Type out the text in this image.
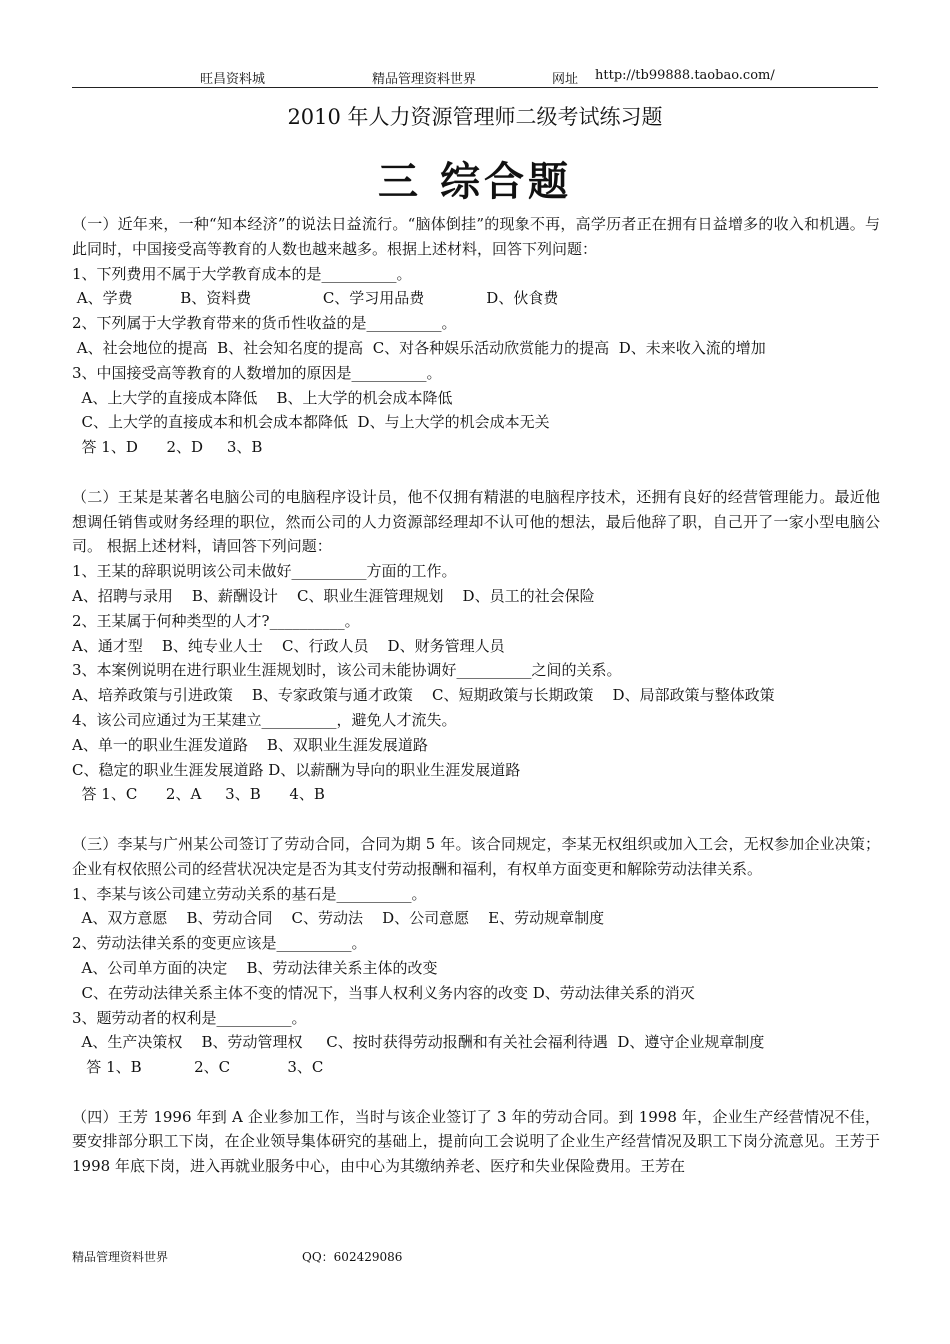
旺昌资料城	精品管理资料世界	网址 http://tb99888.taobao.com/
2010 年人力资源管理师二级考试练习题
三 综合题
（一）近年来，一种“知本经济”的说法日益流行。“脑体倒挂”的现象不再，高学历者正在拥有日益增多的收入和机遇。与此同时，中国接受高等教育的人数也越来越多。根据上述材料，回答下列问题：
1、下列费用不属于大学教育成本的是__________。
A、学费          B、资料费               C、学习用品费             D、伙食费
2、下列属于大学教育带来的货币性收益的是__________。
A、社会地位的提高  B、社会知名度的提高  C、对各种娱乐活动欣赏能力的提高  D、未来收入流的增加
3、中国接受高等教育的人数增加的原因是__________。
A、上大学的直接成本降低    B、上大学的机会成本降低
C、上大学的直接成本和机会成本都降低  D、与上大学的机会成本无关
答 1、D      2、D     3、B
（二）王某是某著名电脑公司的电脑程序设计员，他不仅拥有精湛的电脑程序技术，还拥有良好的经营管理能力。最近他想调任销售或财务经理的职位，然而公司的人力资源部经理却不认可他的想法，最后他辞了职，自己开了一家小型电脑公司。 根据上述材料，请回答下列问题：
1、王某的辞职说明该公司未做好__________方面的工作。
A、招聘与录用    B、薪酬设计    C、职业生涯管理规划    D、员工的社会保险
2、王某属于何种类型的人才?__________。
A、通才型    B、纯专业人士    C、行政人员    D、财务管理人员
3、本案例说明在进行职业生涯规划时，该公司未能协调好__________之间的关系。
A、培养政策与引进政策    B、专家政策与通才政策    C、短期政策与长期政策    D、局部政策与整体政策
4、该公司应通过为王某建立__________，避免人才流失。
A、单一的职业生涯发道路    B、双职业生涯发展道路
C、稳定的职业生涯发展道路 D、以薪酬为导向的职业生涯发展道路
答 1、C      2、A     3、B      4、B
（三）李某与广州某公司签订了劳动合同，合同为期 5 年。该合同规定，李某无权组织或加入工会，无权参加企业决策；企业有权依照公司的经营状况决定是否为其支付劳动报酬和福利，有权单方面变更和解除劳动法律关系。
1、李某与该公司建立劳动关系的基石是__________。
A、双方意愿    B、劳动合同    C、劳动法    D、公司意愿    E、劳动规章制度
2、劳动法律关系的变更应该是__________。
A、公司单方面的决定    B、劳动法律关系主体的改变
C、在劳动法律关系主体不变的情况下，当事人权利义务内容的改变 D、劳动法律关系的消灭
3、题劳动者的权利是__________。
A、生产决策权    B、劳动管理权     C、按时获得劳动报酬和有关社会福利待遇  D、遵守企业规章制度
答 1、B           2、C            3、C
（四）王芳 1996 年到 A 企业参加工作，当时与该企业签订了 3 年的劳动合同。到 1998 年，企业生产经营情况不佳，要安排部分职工下岗，在企业领导集体研究的基础上，提前向工会说明了企业生产经营情况及职工下岗分流意见。王芳于 1998 年底下岗，进入再就业服务中心，由中心为其缴纳养老、医疗和失业保险费用。王芳在
精品管理资料世界	QQ：602429086
